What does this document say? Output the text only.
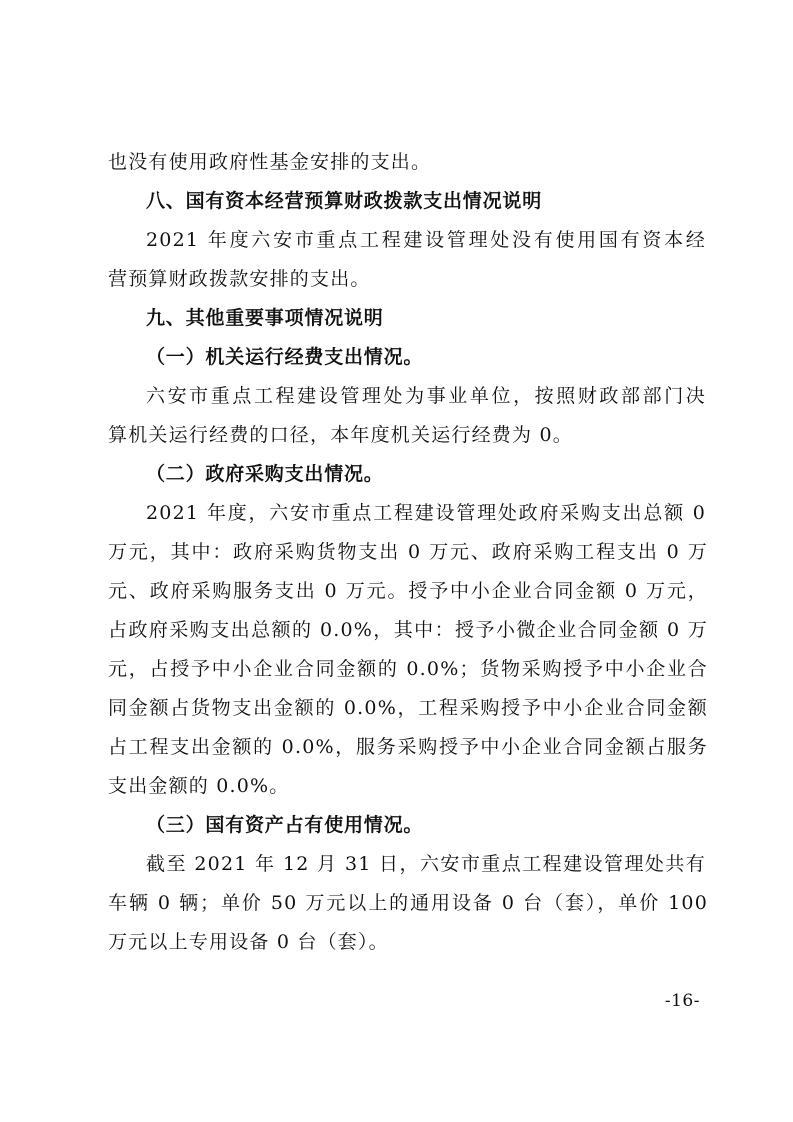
也没有使用政府性基金安排的支出。

八、国有资本经营预算财政拨款支出情况说明

2021 年度六安市重点工程建设管理处没有使用国有资本经

营预算财政拨款安排的支出。

九、其他重要事项情况说明

（一）机关运行经费支出情况。

六安市重点工程建设管理处为事业单位，按照财政部部门决

算机关运行经费的口径，本年度机关运行经费为 0。

（二）政府采购支出情况。

2021 年度，六安市重点工程建设管理处政府采购支出总额 0

万元，其中：政府采购货物支出 0 万元、政府采购工程支出 0 万

元、政府采购服务支出 0 万元。授予中小企业合同金额 0 万元，

占政府采购支出总额的 0.0%，其中：授予小微企业合同金额 0 万

元，占授予中小企业合同金额的 0.0%；货物采购授予中小企业合

同金额占货物支出金额的 0.0%，工程采购授予中小企业合同金额

占工程支出金额的 0.0%，服务采购授予中小企业合同金额占服务

支出金额的 0.0%。

（三）国有资产占有使用情况。

截至 2021 年 12 月 31 日，六安市重点工程建设管理处共有

车辆 0 辆；单价 50 万元以上的通用设备 0 台（套），单价 100

万元以上专用设备 0 台（套）。

-16-
